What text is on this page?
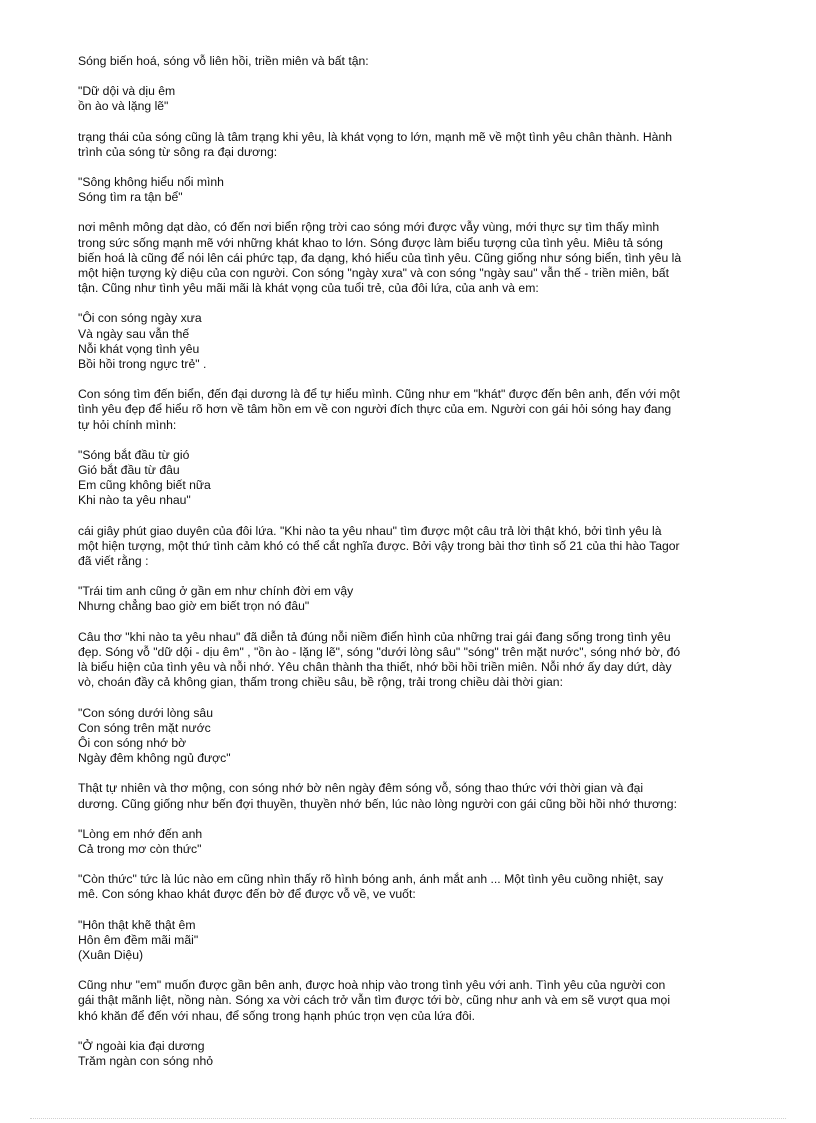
Sóng biến hoá, sóng vỗ liên hồi, triền miên và bất tận:
"Dữ dội và dịu êm
ồn ào và lặng lẽ"
trạng thái của sóng cũng là tâm trạng khi yêu, là khát vọng to lớn, mạnh mẽ về một tình yêu chân thành. Hành
trình của sóng từ sông ra đại dương:
"Sông không hiểu nổi mình
Sóng tìm ra tận bể"
nơi mênh mông dạt dào, có đến nơi biển rộng trời cao sóng mới được vẫy vùng, mới thực sự tìm thấy mình
trong sức sống mạnh mẽ với những khát khao to lớn. Sóng được làm biểu tượng của tình yêu. Miêu tả sóng
biến hoá là cũng để nói lên cái phức tạp, đa dạng, khó hiểu của tình yêu. Cũng giống như sóng biển, tình yêu là
một hiện tượng kỳ diệu của con người. Con sóng "ngày xưa" và con sóng "ngày sau" vẫn thế - triền miên, bất
tận. Cũng như tình yêu mãi mãi là khát vọng của tuổi trẻ, của đôi lứa, của anh và em:
"Ôi con sóng ngày xưa
Và ngày sau vẫn thế
Nỗi khát vọng tình yêu
Bồi hồi trong ngực trẻ" .
Con sóng tìm đến biển, đến đại dương là để tự hiểu mình. Cũng như em "khát" được đến bên anh, đến với một
tình yêu đẹp để hiểu rõ hơn về tâm hồn em về con người đích thực của em. Người con gái hỏi sóng hay đang
tự hỏi chính mình:
"Sóng bắt đầu từ gió
Gió bắt đầu từ đâu
Em cũng không biết nữa
Khi nào ta yêu nhau"
cái giây phút giao duyên của đôi lứa. "Khi nào ta yêu nhau" tìm được một câu trả lời thật khó, bởi tình yêu là
một hiện tượng, một thứ tình cảm khó có thể cắt nghĩa được. Bởi vậy trong bài thơ tình số 21 của thi hào Tagor
đã viết rằng :
"Trái tim anh cũng ở gần em như chính đời em vậy
Nhưng chẳng bao giờ em biết trọn nó đâu"
Câu thơ "khi nào ta yêu nhau" đã diễn tả đúng nỗi niềm điển hình của những trai gái đang sống trong tình yêu
đẹp. Sóng vỗ "dữ dội - dịu êm" , "ồn ào - lặng lẽ", sóng "dưới lòng sâu" "sóng" trên mặt nước", sóng nhớ bờ, đó
là biểu hiện của tình yêu và nỗi nhớ. Yêu chân thành tha thiết, nhớ bồi hồi triền miên. Nỗi nhớ ấy day dứt, dày
vò, choán đầy cả không gian, thấm trong chiều sâu, bề rộng, trải trong chiều dài thời gian:
"Con sóng dưới lòng sâu
Con sóng trên mặt nước
Ôi con sóng nhớ bờ
Ngày đêm không ngủ được"
Thật tự nhiên và thơ mộng, con sóng nhớ bờ nên ngày đêm sóng vỗ, sóng thao thức với thời gian và đại
dương. Cũng giống như bến đợi thuyền, thuyền nhớ bến, lúc nào lòng người con gái cũng bồi hồi nhớ thương:
"Lòng em nhớ đến anh
Cả trong mơ còn thức"
"Còn thức" tức là lúc nào em cũng nhìn thấy rõ hình bóng anh, ánh mắt anh ... Một tình yêu cuồng nhiệt, say
mê. Con sóng khao khát được đến bờ để được vỗ về, ve vuốt:
"Hôn thật khẽ thật êm
Hôn êm đềm mãi mãi"
(Xuân Diệu)
Cũng như "em" muốn được gần bên anh, được hoà nhịp vào trong tình yêu với anh. Tình yêu của người con
gái thật mãnh liệt, nồng nàn. Sóng xa vời cách trở vẫn tìm được tới bờ, cũng như anh và em sẽ vượt qua mọi
khó khăn để đến với nhau, để sống trong hạnh phúc trọn vẹn của lứa đôi.
"Ở ngoài kia đại dương
Trăm ngàn con sóng nhỏ
